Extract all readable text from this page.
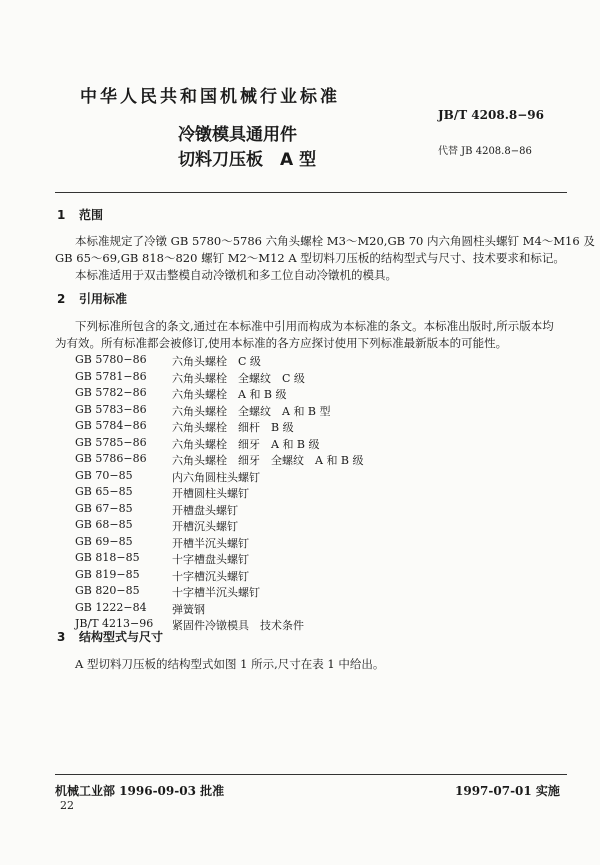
中华人民共和国机械行业标准
JB/T 4208.8−96
代替 JB 4208.8−86
冷镦模具通用件
切料刀压板　A 型
1 范围
本标准规定了冷镦 GB 5780～5786 六角头螺栓 M3～M20,GB 70 内六角圆柱头螺钉 M4～M16 及
GB 65～69,GB 818～820 螺钉 M2～M12 A 型切料刀压板的结构型式与尺寸、技术要求和标记。
本标准适用于双击整模自动冷镦机和多工位自动冷镦机的模具。
2 引用标准
下列标准所包含的条文,通过在本标准中引用而构成为本标准的条文。本标准出版时,所示版本均
为有效。所有标准都会被修订,使用本标准的各方应探讨使用下列标准最新版本的可能性。
GB 5780−86 六角头螺栓　C 级
GB 5781−86 六角头螺栓　全螺纹　C 级
GB 5782−86 六角头螺栓　A 和 B 级
GB 5783−86 六角头螺栓　全螺纹　A 和 B 型
GB 5784−86 六角头螺栓　细杆　B 级
GB 5785−86 六角头螺栓　细牙　A 和 B 级
GB 5786−86 六角头螺栓　细牙　全螺纹　A 和 B 级
GB 70−85	内六角圆柱头螺钉
GB 65−85	开槽圆柱头螺钉
GB 67−85	开槽盘头螺钉
GB 68−85	开槽沉头螺钉
GB 69−85	开槽半沉头螺钉
GB 818−85	十字槽盘头螺钉
GB 819−85	十字槽沉头螺钉
GB 820−85	十字槽半沉头螺钉
GB 1222−84 弹簧钢
JB/T 4213−96 紧固件冷镦模具　技术条件
3 结构型式与尺寸
A 型切料刀压板的结构型式如图 1 所示,尺寸在表 1 中给出。
机械工业部 1996-09-03 批准	1997-07-01 实施
22
